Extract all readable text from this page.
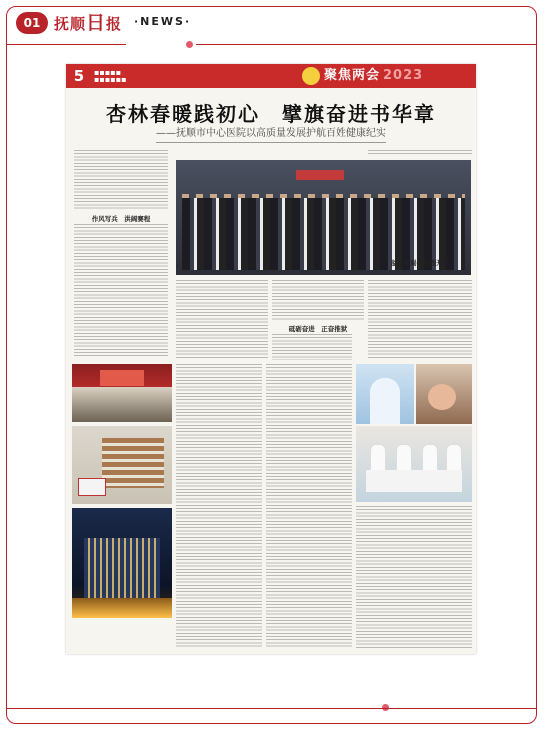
01 抚顺日报 ·NEWS·
5	▪▪▪▪▪
▪▪▪▪▪▪	聚焦两会 2023
杏林春暖践初心　擘旗奋进书华章
——抚顺市中心医院以高质量发展护航百姓健康纪实
作风写兵　洪阔赛程
砥砺奋进　正奋推狱
溢蓝布局　振程开启
